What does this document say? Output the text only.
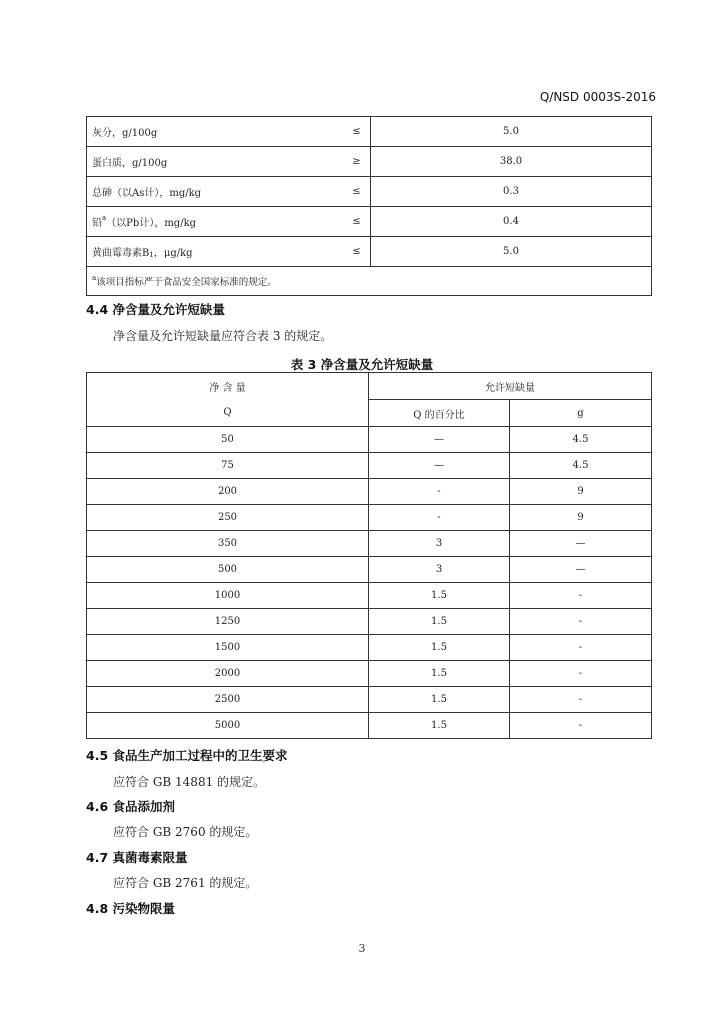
Q/NSD 0003S-2016
灰分，g/100g	≤	5.0
蛋白质，g/100g	≥	38.0
总砷（以As计），mg/kg	≤	0.3
铅$^a$（以Pb计），mg/kg	≤	0.4
黄曲霉毒素B1，μg/kg	≤	5.0
$^a$该项目指标严于食品安全国家标准的规定。		
4.4 净含量及允许短缺量
净含量及允许短缺量应符合表 3 的规定。
表 3 净含量及允许短缺量
净 含 量	允许短缺量	
Q	Q 的百分比	g
50	—	4.5
75	—	4.5
200	-	9
250	-	9
350	3	—
500	3	—
1000	1.5	-
1250	1.5	-
1500	1.5	-
2000	1.5	-
2500	1.5	-
5000	1.5	-
4.5 食品生产加工过程中的卫生要求
应符合 GB 14881 的规定。
4.6 食品添加剂
应符合 GB 2760 的规定。
4.7 真菌毒素限量
应符合 GB 2761 的规定。
4.8 污染物限量
3
